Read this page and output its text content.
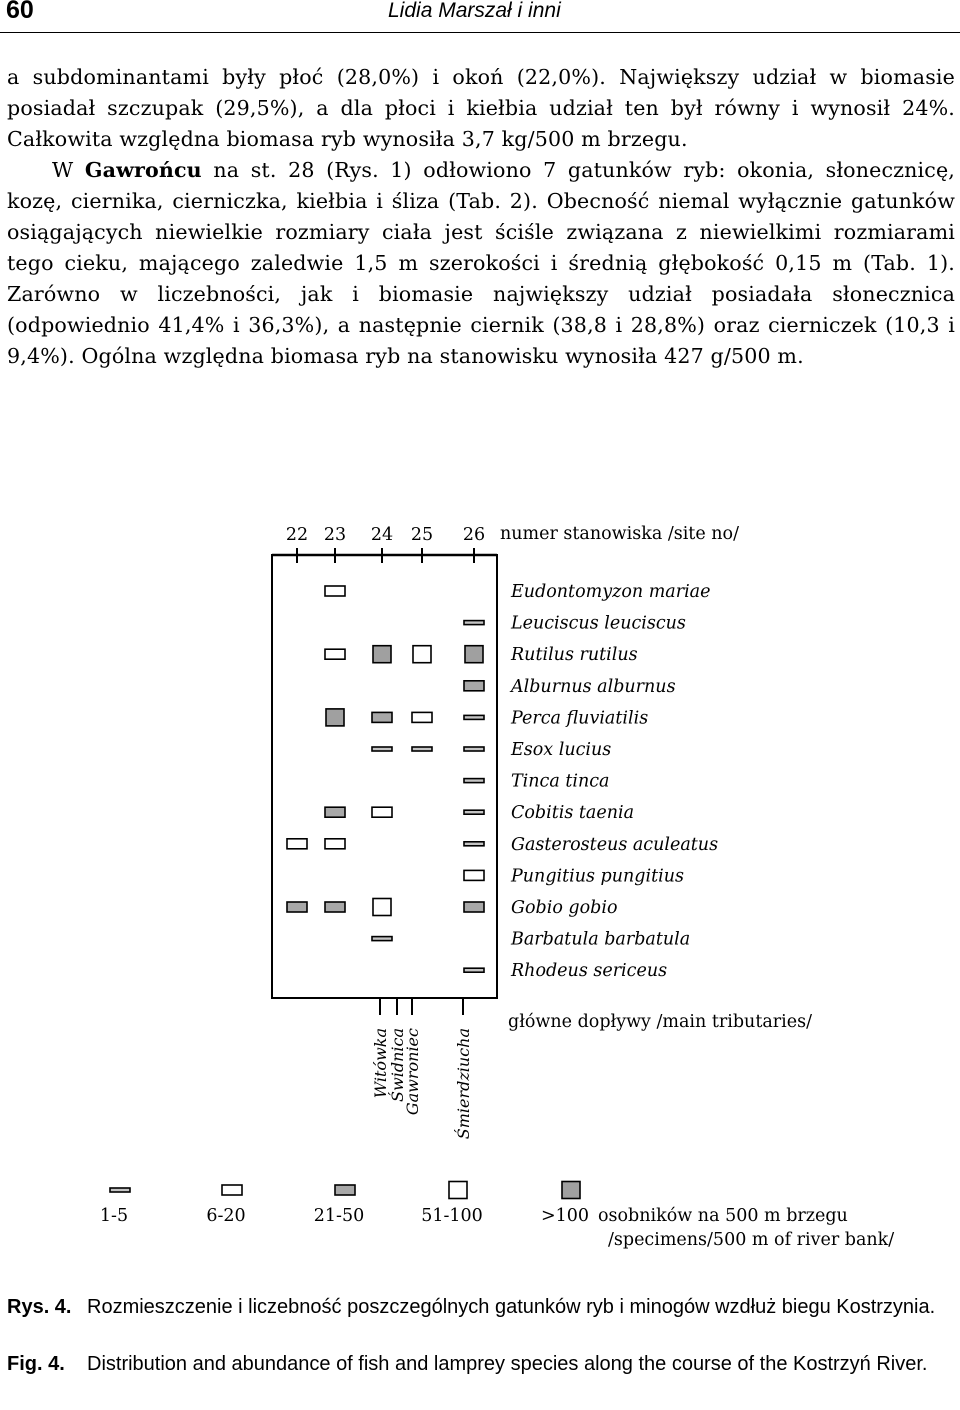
60	Lidia Marszał i inni

a subdominantami były płoć (28,0%) i okoń (22,0%). Największy udział w biomasie posiadał szczupak (29,5%), a dla płoci i kiełbia udział ten był równy i wynosił 24%. Całkowita względna biomasa ryb wynosiła 3,7 kg/500 m brzegu.

W Gawrońcu na st. 28 (Rys. 1) odłowiono 7 gatunków ryb: okonia, słonecznicę, kozę, ciernika, cierniczka, kiełbia i śliza (Tab. 2). Obecność niemal wyłącznie gatunków osiągających niewielkie rozmiary ciała jest ściśle związana z niewielkimi rozmiarami tego cieku, mającego zaledwie 1,5 m szerokości i średnią głębokość 0,15 m (Tab. 1). Zarówno w liczebności, jak i biomasie największy udział posiadała słonecznica (odpowiednio 41,4% i 36,3%), a następnie ciernik (38,8 i 28,8%) oraz cierniczek (10,3 i 9,4%). Ogólna względna biomasa ryb na stanowisku wynosiła 427 g/500 m.

numer stanowiska /site no/
główne dopływy /main tributaries/
osobników na 500 m brzegu
/specimens/500 m of river bank/
22 23 24 25 26
Eudontomyzon mariae
Leuciscus leuciscus
Rutilus rutilus
Alburnus alburnus
Perca fluviatilis
Esox lucius
Tinca tinca
Cobitis taenia
Gasterosteus aculeatus
Pungitius pungitius
Gobio gobio
Barbatula barbatula
Rhodeus sericeus
Witówka
Świdnica
Gawroniec Śmierdziucha
1-5	6-20	21-50	51-100	>100
Rys. 4. Rozmieszczenie i liczebność poszczególnych gatunków ryb i minogów wzdłuż biegu Kostrzynia.
Fig. 4. Distribution and abundance of fish and lamprey species along the course of the Kostrzyń River.
